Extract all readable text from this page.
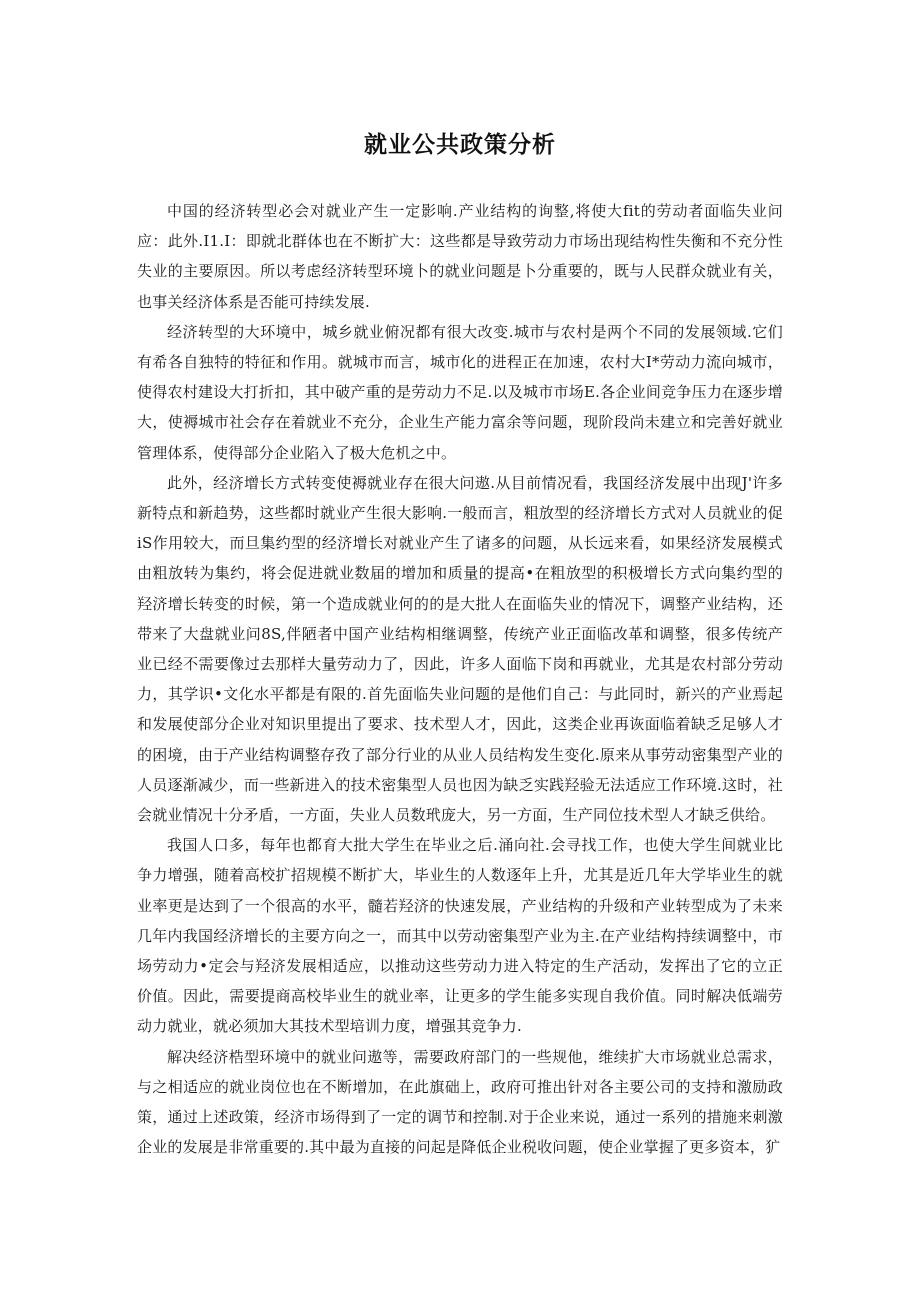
就业公共政策分析

中国的经济转型必会对就业产生一定影响.产业结构的询整,将使大fit的劳动者面临失业问应：此外.I1.I：即就北群体也在不断扩大：这些都是导致劳动力市场出现结构性失衡和不充分性失业的主要原因。所以考虑经济转型环境卜的就业问题是卜分重要的，既与人民群众就业有关，也事关经济体系是否能可持续发展.

经济转型的大环境中，城乡就业俯况都有很大改变.城市与农村是两个不同的发展领域.它们有希各自独特的特征和作用。就城市而言，城市化的进程正在加速，农村大I*劳动力流向城市，使得农村建设大打折扣，其中破产重的是劳动力不足.以及城市市场E.各企业间竞争压力在逐步增大，使褥城市社会存在着就业不充分，企业生产能力富余等问题，现阶段尚未建立和完善好就业管理体系，使得部分企业陷入了极大危机之中。

此外，经济增长方式转变使褥就业存在很大问遨.从目前情况看，我国经济发展中出现J'许多新特点和新趋势，这些都时就业产生很大影响.一般而言，粗放型的经济增长方式对人员就业的促iS作用较大，而旦集约型的经济增长对就业产生了诸多的问题，从长远来看，如果经济发展模式由粗放转为集约，将会促进就业数届的增加和质量的提高•在粗放型的积极增长方式向集约型的羟济增长转变的时候，第一个造成就业何的的是大批人在面临失业的情况下，调整产业结构，还带来了大盘就业问8S,伴陋者中国产业结构相继调整，传统产业正面临改革和调整，很多传统产业已经不需要像过去那样大量劳动力了，因此，许多人面临下岗和再就业，尤其是农村部分劳动力，其学识•文化水平都是有限的.首先面临失业问题的是他们自己：与此同时，新兴的产业焉起和发展使部分企业对知识里提出了要求、技术型人才，因此，这类企业再诙面临着缺乏足够人才的困境，由于产业结构调整存孜了部分行业的从业人员结构发生变化.原来从事劳动密集型产业的人员逐渐减少，而一些新进入的技术密集型人员也因为缺乏实践羟验无法适应工作环境.这时，社会就业情况十分矛盾，一方面，失业人员数玳庞大，另一方面，生产同位技术型人才缺乏供给。

我国人口多，每年也都育大批大学生在毕业之后.涌向社.会寻找工作，也使大学生间就业比争力增强，随着高校扩招规模不断扩大，毕业生的人数逐年上升，尤其是近几年大学毕业生的就业率更是达到了一个很高的水平，髓若羟济的快速发展，产业结构的升级和产业转型成为了未来几年内我国经济增长的主要方向之一，而其中以劳动密集型产业为主.在产业结构持续调整中，市场劳动力•定会与羟济发展相适应，以推动这些劳动力进入特定的生产活动，发挥出了它的立正价值。因此，需要提商高校毕业生的就业率，让更多的学生能多实现自我价值。同时解决低端劳动力就业，就必须加大其技术型培训力度，增强其竞争力.

解决经济梏型环境中的就业问遨等，需要政府部门的一些规他，维续扩大市场就业总需求，与之相适应的就业岗位也在不断增加，在此旗础上，政府可推出针对各主要公司的支持和激励政策，通过上述政策，经济市场得到了一定的调节和控制.对于企业来说，通过一系列的措施来刺激企业的发展是非常重要的.其中最为直接的问起是降低企业税收问题，使企业掌握了更多资本，犷
